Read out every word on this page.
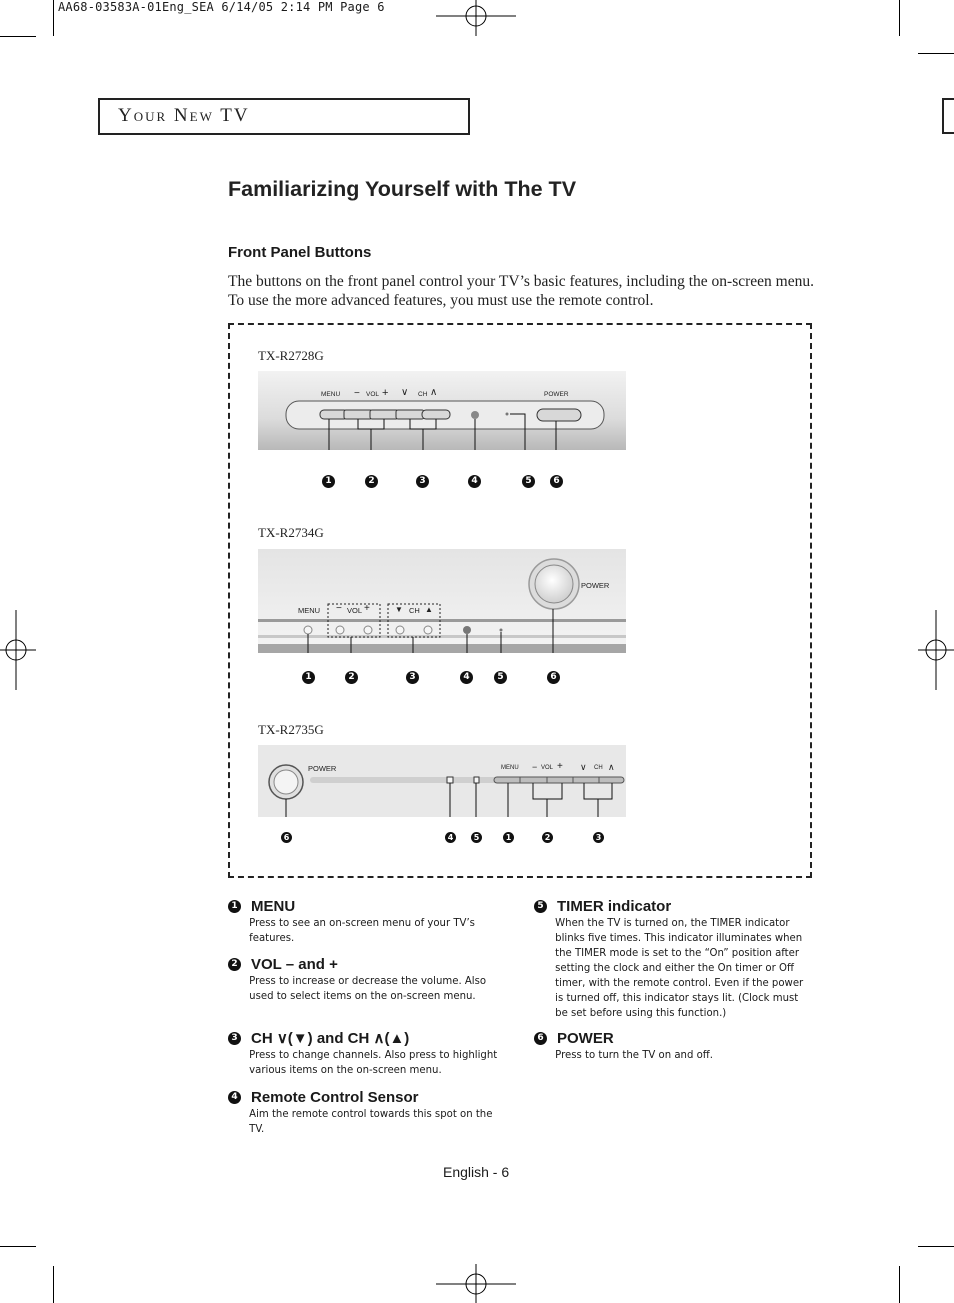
AA68-03583A-01Eng_SEA 6/14/05 2:14 PM Page 6
Your New TV
Familiarizing Yourself with The TV
Front Panel Buttons
The buttons on the front panel control your TV’s basic features, including the on-screen menu. To use the more advanced features, you must use the remote control.
TX-R2728G
MENU − VOL + ∨ CH ∧	POWER
1	2	3	4	5	6
TX-R2734G
MENU − VOL +	▼ CH ▲
POWER
1	2	3	4	5	6
TX-R2735G
POWER	MENU − VOL + ∨ CH ∧
6	4	5	1	2	3
1 MENU
Press to see an on-screen menu of your TV’s features.
2 VOL – and +
Press to increase or decrease the volume. Also used to select items on the on-screen menu.
3 CH ∨(▼) and CH ∧(▲)
Press to change channels. Also press to highlight various items on the on-screen menu.
4 Remote Control Sensor
Aim the remote control towards this spot on the TV.
5 TIMER indicator
When the TV is turned on, the TIMER indicator blinks five times. This indicator illuminates when the TIMER mode is set to the “On” position after setting the clock and either the On timer or Off timer, with the remote control. Even if the power is turned off, this indicator stays lit. (Clock must be set before using this function.)
6 POWER
Press to turn the TV on and off.
English - 6
